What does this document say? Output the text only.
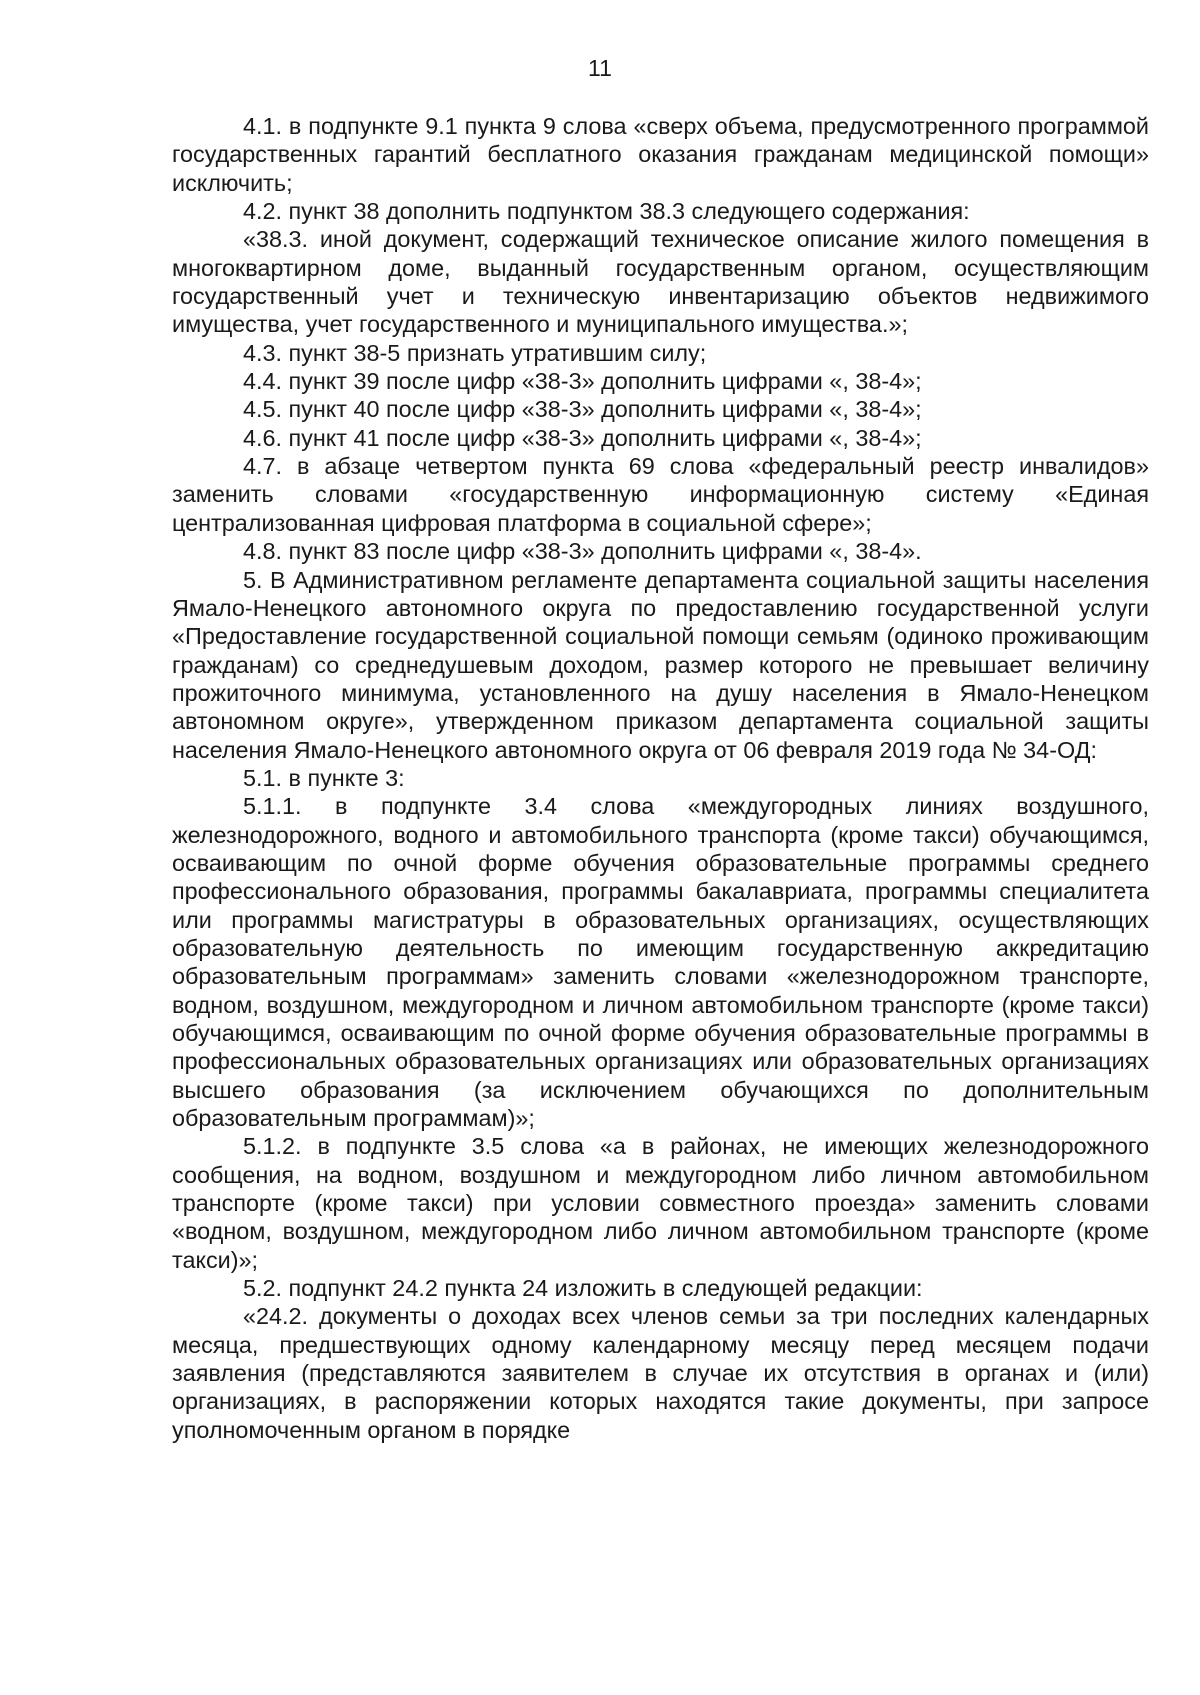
11

4.1. в подпункте 9.1 пункта 9 слова «сверх объема, предусмотренного программой государственных гарантий бесплатного оказания гражданам медицинской помощи» исключить;

4.2. пункт 38 дополнить подпунктом 38.3 следующего содержания:

«38.3. иной документ, содержащий техническое описание жилого помещения в многоквартирном доме, выданный государственным органом, осуществляющим государственный учет и техническую инвентаризацию объектов недвижимого имущества, учет государственного и муниципального имущества.»;

4.3. пункт 38-5 признать утратившим силу;

4.4. пункт 39 после цифр «38-3» дополнить цифрами «, 38-4»;

4.5. пункт 40 после цифр «38-3» дополнить цифрами «, 38-4»;

4.6. пункт 41 после цифр «38-3» дополнить цифрами «, 38-4»;

4.7. в абзаце четвертом пункта 69 слова «федеральный реестр инвалидов» заменить словами «государственную информационную систему «Единая централизованная цифровая платформа в социальной сфере»;

4.8. пункт 83 после цифр «38-3» дополнить цифрами «, 38-4».

5. В Административном регламенте департамента социальной защиты населения Ямало-Ненецкого автономного округа по предоставлению государственной услуги «Предоставление государственной социальной помощи семьям (одиноко проживающим гражданам) со среднедушевым доходом, размер которого не превышает величину прожиточного минимума, установленного на душу населения в Ямало-Ненецком автономном округе», утвержденном приказом департамента социальной защиты населения Ямало-Ненецкого автономного округа от 06 февраля 2019 года № 34-ОД:

5.1. в пункте 3:

5.1.1. в подпункте 3.4 слова «междугородных линиях воздушного, железнодорожного, водного и автомобильного транспорта (кроме такси) обучающимся, осваивающим по очной форме обучения образовательные программы среднего профессионального образования, программы бакалавриата, программы специалитета или программы магистратуры в образовательных организациях, осуществляющих образовательную деятельность по имеющим государственную аккредитацию образовательным программам» заменить словами «железнодорожном транспорте, водном, воздушном, междугородном и личном автомобильном транспорте (кроме такси) обучающимся, осваивающим по очной форме обучения образовательные программы в профессиональных образовательных организациях или образовательных организациях высшего образования (за исключением обучающихся по дополнительным образовательным программам)»;

5.1.2. в подпункте 3.5 слова «а в районах, не имеющих железнодорожного сообщения, на водном, воздушном и междугородном либо личном автомобильном транспорте (кроме такси) при условии совместного проезда» заменить словами «водном, воздушном, междугородном либо личном автомобильном транспорте (кроме такси)»;

5.2. подпункт 24.2 пункта 24 изложить в следующей редакции:

«24.2. документы о доходах всех членов семьи за три последних календарных месяца, предшествующих одному календарному месяцу перед месяцем подачи заявления (представляются заявителем в случае их отсутствия в органах и (или) организациях, в распоряжении которых находятся такие документы, при запросе уполномоченным органом в порядке
